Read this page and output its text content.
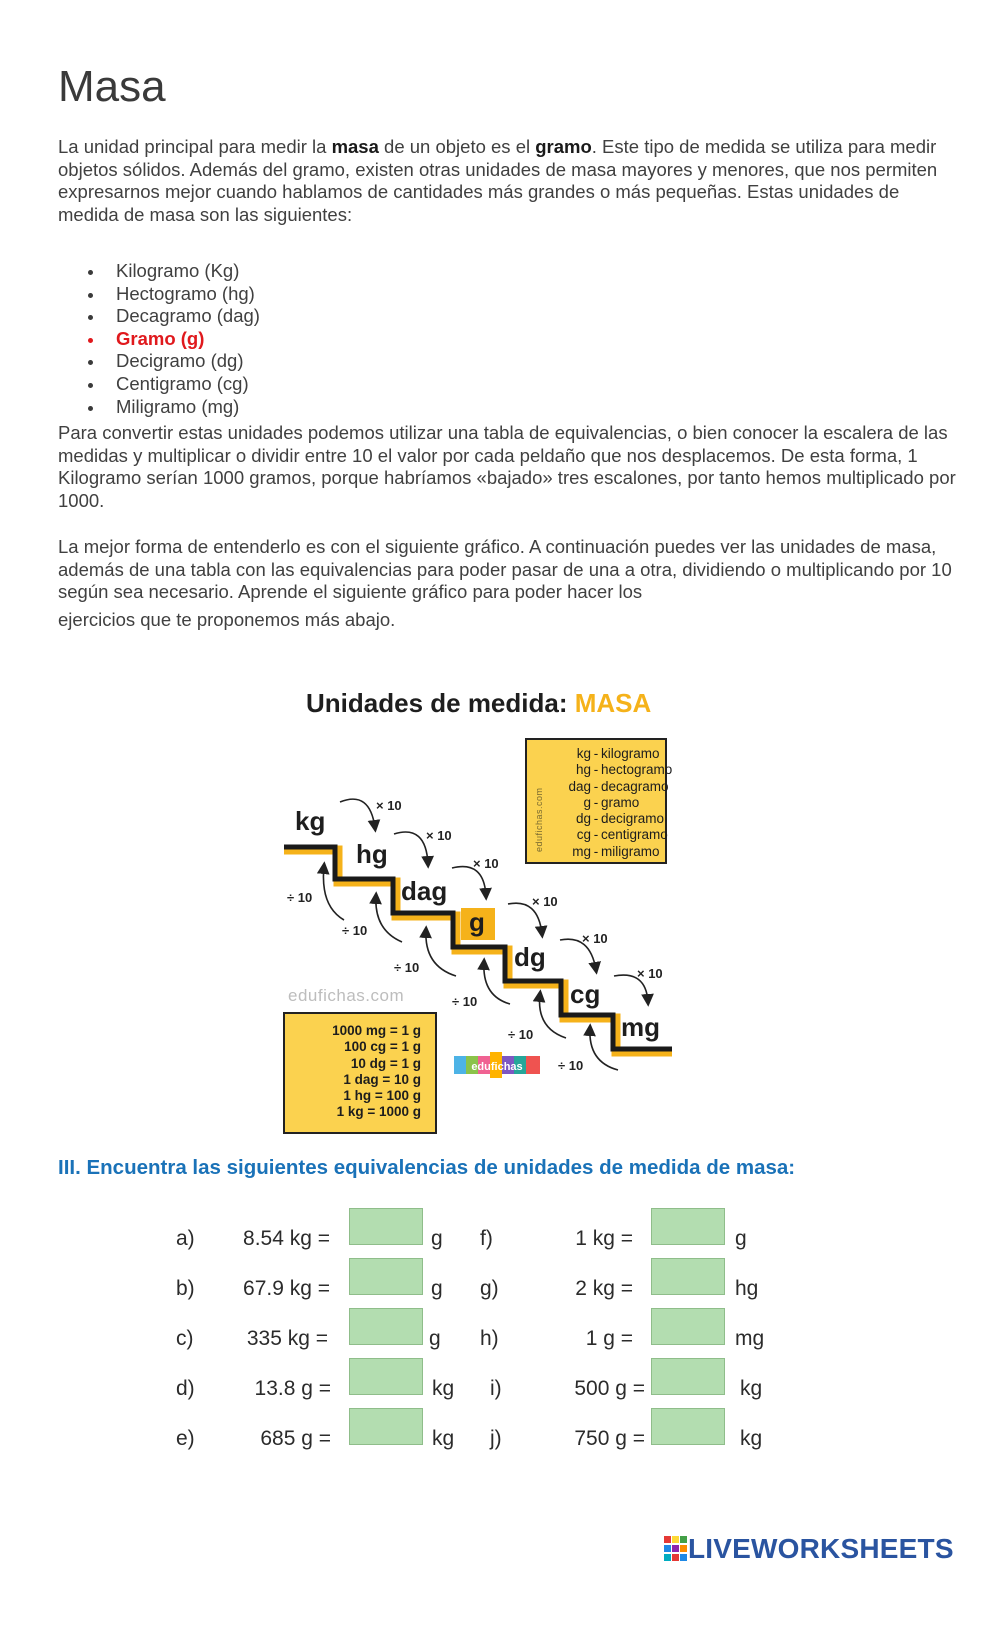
Masa

La unidad principal para medir la masa de un objeto es el gramo. Este tipo de medida se utiliza para medir objetos sólidos. Además del gramo, existen otras unidades de masa mayores y menores, que nos permiten expresarnos mejor cuando hablamos de cantidades más grandes o más pequeñas. Estas unidades de medida de masa son las siguientes:

Kilogramo (Kg)
Hectogramo (hg)
Decagramo (dag)
Gramo (g)
Decigramo (dg)
Centigramo (cg)
Miligramo (mg)

Para convertir estas unidades podemos utilizar una tabla de equivalencias, o bien conocer la escalera de las medidas y multiplicar o dividir entre 10 el valor por cada peldaño que nos desplacemos. De esta forma, 1 Kilogramo serían 1000 gramos, porque habríamos «bajado» tres escalones, por tanto hemos multiplicado por 1000.

La mejor forma de entenderlo es con el siguiente gráfico. A continuación puedes ver las unidades de masa, además de una tabla con las equivalencias para poder pasar de una a otra, dividiendo o multiplicando por 10 según sea necesario. Aprende el siguiente gráfico para poder hacer los
ejercicios que te proponemos más abajo.

Unidades de medida: MASA
kg
hg
dag
g
dg
cg
mg
× 10
× 10
× 10
× 10
× 10
× 10
÷ 10
÷ 10
÷ 10
÷ 10
÷ 10
÷ 10
kg - kilogramo
hg - hectogramo
dag - decagramo
g - gramo
dg - decigramo
cg - centigramo
mg - miligramo
edufichas.com
edufichas.com
1000 mg = 1 g
100 cg = 1 g
10 dg = 1 g
1 dag = 10 g
1 hg = 100 g
1 kg = 1000 g
edufichas
III. Encuentra las siguientes equivalencias de unidades de medida de masa:
a)	8.54 kg =	g
b)	67.9 kg =	g
c)	335 kg =	g
d)	13.8 g =	kg
e)	685 g =	kg
f)	1 kg =	g
g)	2 kg =	hg
h)	1 g =	mg
i)	500 g =	kg
j)	750 g =	kg
LIVEWORKSHEETS
